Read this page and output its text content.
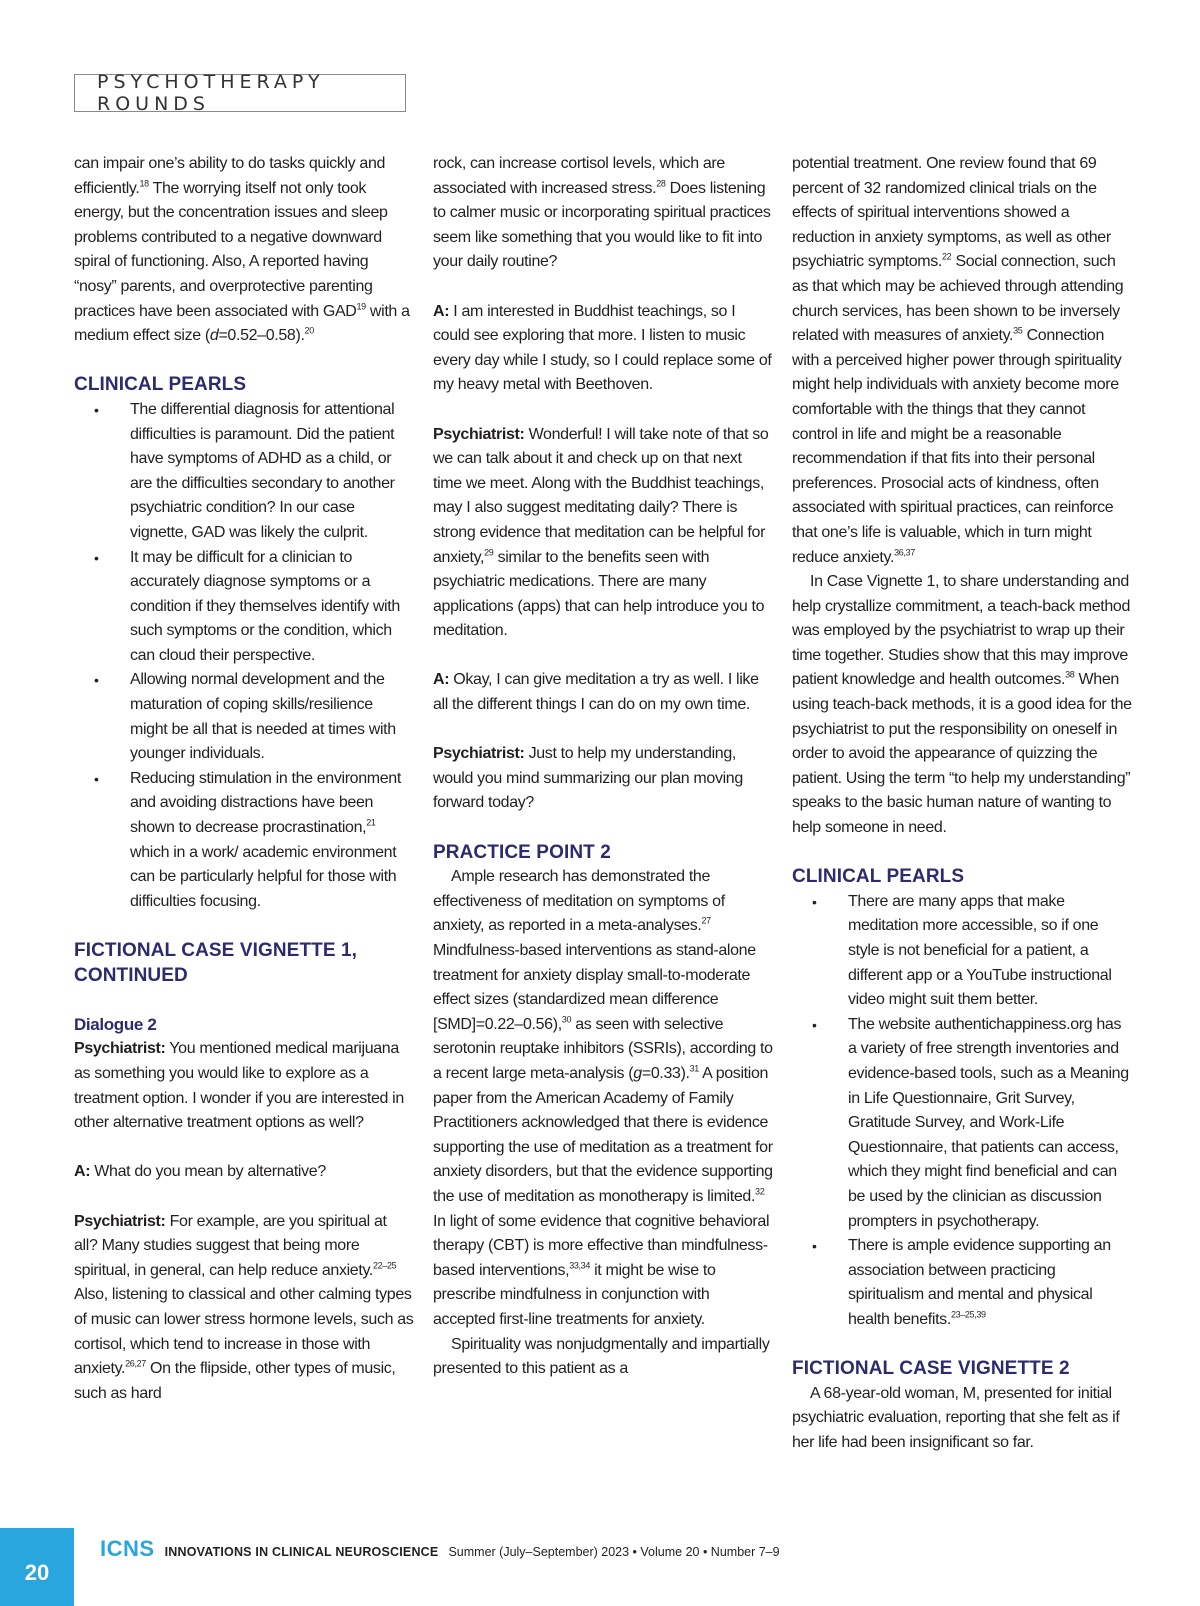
PSYCHOTHERAPY ROUNDS

can impair one’s ability to do tasks quickly and efficiently.$^{18}$ The worrying itself not only took energy, but the concentration issues and sleep problems contributed to a negative downward spiral of functioning. Also, A reported having “nosy” parents, and overprotective parenting practices have been associated with GAD$^{19}$ with a medium effect size (d=0.52–0.58).$^{20}$

CLINICAL PEARLS
• The differential diagnosis for attentional difficulties is paramount. Did the patient have symptoms of ADHD as a child, or are the difficulties secondary to another psychiatric condition? In our case vignette, GAD was likely the culprit.
• It may be difficult for a clinician to accurately diagnose symptoms or a condition if they themselves identify with such symptoms or the condition, which can cloud their perspective.
• Allowing normal development and the maturation of coping skills/resilience might be all that is needed at times with younger individuals.
• Reducing stimulation in the environment and avoiding distractions have been shown to decrease procrastination,$^{21}$ which in a work/ academic environment can be particularly helpful for those with difficulties focusing.
FICTIONAL CASE VIGNETTE 1, CONTINUED
Dialogue 2

Psychiatrist: You mentioned medical marijuana as something you would like to explore as a treatment option. I wonder if you are interested in other alternative treatment options as well?

A: What do you mean by alternative?

Psychiatrist: For example, are you spiritual at all? Many studies suggest that being more spiritual, in general, can help reduce anxiety.$^{22-25}$ Also, listening to classical and other calming types of music can lower stress hormone levels, such as cortisol, which tend to increase in those with anxiety.$^{26,27}$ On the flipside, other types of music, such as hard

rock, can increase cortisol levels, which are associated with increased stress.$^{28}$ Does listening to calmer music or incorporating spiritual practices seem like something that you would like to fit into your daily routine?

A: I am interested in Buddhist teachings, so I could see exploring that more. I listen to music every day while I study, so I could replace some of my heavy metal with Beethoven.

Psychiatrist: Wonderful! I will take note of that so we can talk about it and check up on that next time we meet. Along with the Buddhist teachings, may I also suggest meditating daily? There is strong evidence that meditation can be helpful for anxiety,$^{29}$ similar to the benefits seen with psychiatric medications. There are many applications (apps) that can help introduce you to meditation.

A: Okay, I can give meditation a try as well. I like all the different things I can do on my own time.

Psychiatrist: Just to help my understanding, would you mind summarizing our plan moving forward today?

PRACTICE POINT 2

Ample research has demonstrated the effectiveness of meditation on symptoms of anxiety, as reported in a meta-analyses.$^{27}$ Mindfulness-based interventions as stand-alone treatment for anxiety display small-to-moderate effect sizes (standardized mean difference [SMD]=0.22–0.56),$^{30}$ as seen with selective serotonin reuptake inhibitors (SSRIs), according to a recent large meta-analysis (g=0.33).$^{31}$ A position paper from the American Academy of Family Practitioners acknowledged that there is evidence supporting the use of meditation as a treatment for anxiety disorders, but that the evidence supporting the use of meditation as monotherapy is limited.$^{32}$ In light of some evidence that cognitive behavioral therapy (CBT) is more effective than mindfulness-based interventions,$^{33,34}$ it might be wise to prescribe mindfulness in conjunction with accepted first-line treatments for anxiety.

Spirituality was nonjudgmentally and impartially presented to this patient as a

potential treatment. One review found that 69 percent of 32 randomized clinical trials on the effects of spiritual interventions showed a reduction in anxiety symptoms, as well as other psychiatric symptoms.$^{22}$ Social connection, such as that which may be achieved through attending church services, has been shown to be inversely related with measures of anxiety.$^{35}$ Connection with a perceived higher power through spirituality might help individuals with anxiety become more comfortable with the things that they cannot control in life and might be a reasonable recommendation if that fits into their personal preferences. Prosocial acts of kindness, often associated with spiritual practices, can reinforce that one’s life is valuable, which in turn might reduce anxiety.$^{36,37}$

In Case Vignette 1, to share understanding and help crystallize commitment, a teach-back method was employed by the psychiatrist to wrap up their time together. Studies show that this may improve patient knowledge and health outcomes.$^{38}$ When using teach-back methods, it is a good idea for the psychiatrist to put the responsibility on oneself in order to avoid the appearance of quizzing the patient. Using the term “to help my understanding” speaks to the basic human nature of wanting to help someone in need.

CLINICAL PEARLS
• There are many apps that make meditation more accessible, so if one style is not beneficial for a patient, a different app or a YouTube instructional video might suit them better.
• The website authentichappiness.org has a variety of free strength inventories and evidence-based tools, such as a Meaning in Life Questionnaire, Grit Survey, Gratitude Survey, and Work-Life Questionnaire, that patients can access, which they might find beneficial and can be used by the clinician as discussion prompters in psychotherapy.
• There is ample evidence supporting an association between practicing spiritualism and mental and physical health benefits.$^{23-25,39}$
FICTIONAL CASE VIGNETTE 2

A 68-year-old woman, M, presented for initial psychiatric evaluation, reporting that she felt as if her life had been insignificant so far.

20
ICNS INNOVATIONS IN CLINICAL NEUROSCIENCE Summer (July–September) 2023 • Volume 20 • Number 7–9
